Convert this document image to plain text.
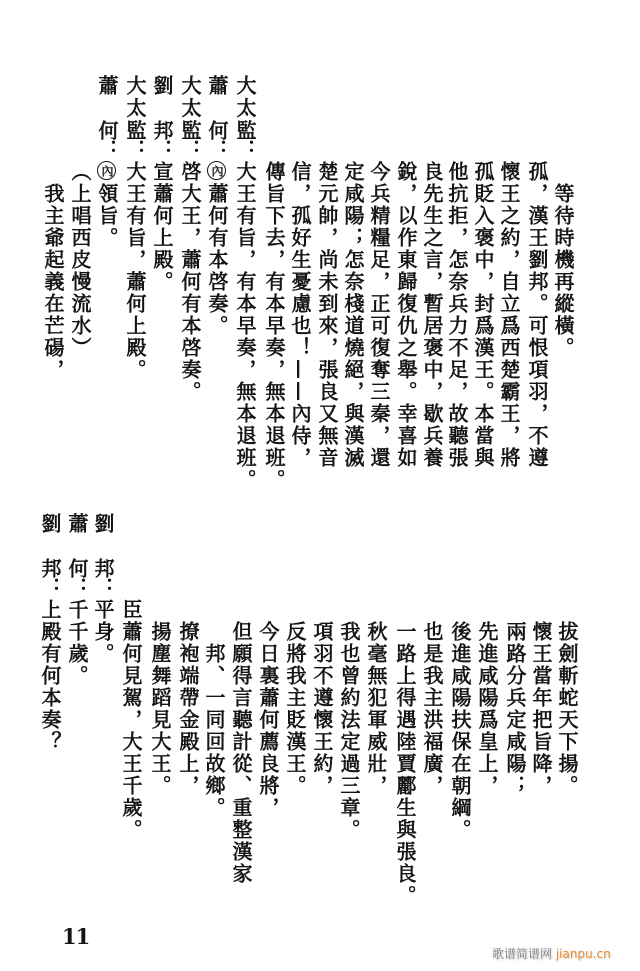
等待時機再縱橫。
孤，漢王劉邦。可恨項羽，不遵
懷王之約，自立爲西楚霸王，將
孤貶入褒中，封爲漢王。本當與
他抗拒，怎奈兵力不足，故聽張
良先生之言，暫居褒中，歇兵養
銳，以作東歸復仇之舉。幸喜如
今兵精糧足，正可復奪三秦，還
定咸陽；怎奈棧道燒絕，與漢滅
楚元帥，尚未到來，張良又無音
信，孤好生憂慮也！——內侍，
傳旨下去，有本早奏，無本退班。
大太監
：
大王有旨，有本早奏，無本退班。
蕭何
：
內蕭何有本啓奏。
大太監
：
啓大王，蕭何有本啓奏。
劉邦
：
宣蕭何上殿。
大太監
：
大王有旨，蕭何上殿。
蕭何
：
內領旨。
（上唱西皮慢流水）
我主爺起義在芒碭，
拔劍斬蛇天下揚。
懷王當年把旨降，
兩路分兵定咸陽；
先進咸陽爲皇上，
後進咸陽扶保在朝綱。
也是我主洪福廣，
一路上得遇陸賈酈生與張良。
秋毫無犯軍威壯，
我也曾約法定過三章。
項羽不遵懷王約，
反將我主貶漢王。
今日裏蕭何薦良將，
但願得言聽計從、重整漢家
邦、一同回故鄉。
撩袍端帶金殿上，
揚塵舞蹈見大王。
臣蕭何見駕，大王千歲。
劉邦
：
平身。
蕭何
：
千千歲。
劉邦
：
上殿有何本奏？
11
歌谱简谱网 jianpu.cn
